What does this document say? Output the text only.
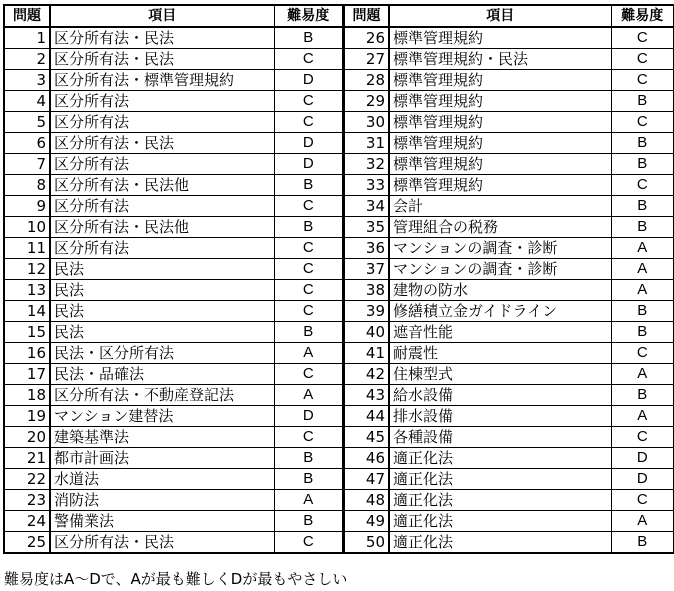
問題	項目	難易度
1	区分所有法・民法	B
2	区分所有法・民法	C
3	区分所有法・標準管理規約	D
4	区分所有法	C
5	区分所有法	C
6	区分所有法・民法	D
7	区分所有法	D
8	区分所有法・民法他	B
9	区分所有法	C
10	区分所有法・民法他	B
11	区分所有法	C
12	民法	C
13	民法	C
14	民法	C
15	民法	B
16	民法・区分所有法	A
17	民法・品確法	C
18	区分所有法・不動産登記法	A
19	マンション建替法	D
20	建築基準法	C
21	都市計画法	B
22	水道法	B
23	消防法	A
24	警備業法	B
25	区分所有法・民法	C
問題	項目	難易度
26	標準管理規約	C
27	標準管理規約・民法	C
28	標準管理規約	C
29	標準管理規約	B
30	標準管理規約	C
31	標準管理規約	B
32	標準管理規約	B
33	標準管理規約	C
34	会計	B
35	管理組合の税務	B
36	マンションの調査・診断	A
37	マンションの調査・診断	A
38	建物の防水	A
39	修繕積立金ガイドライン	B
40	遮音性能	B
41	耐震性	C
42	住棟型式	A
43	給水設備	B
44	排水設備	A
45	各種設備	C
46	適正化法	D
47	適正化法	D
48	適正化法	C
49	適正化法	A
50	適正化法	B
難易度はA～Dで、Aが最も難しくDが最もやさしい
